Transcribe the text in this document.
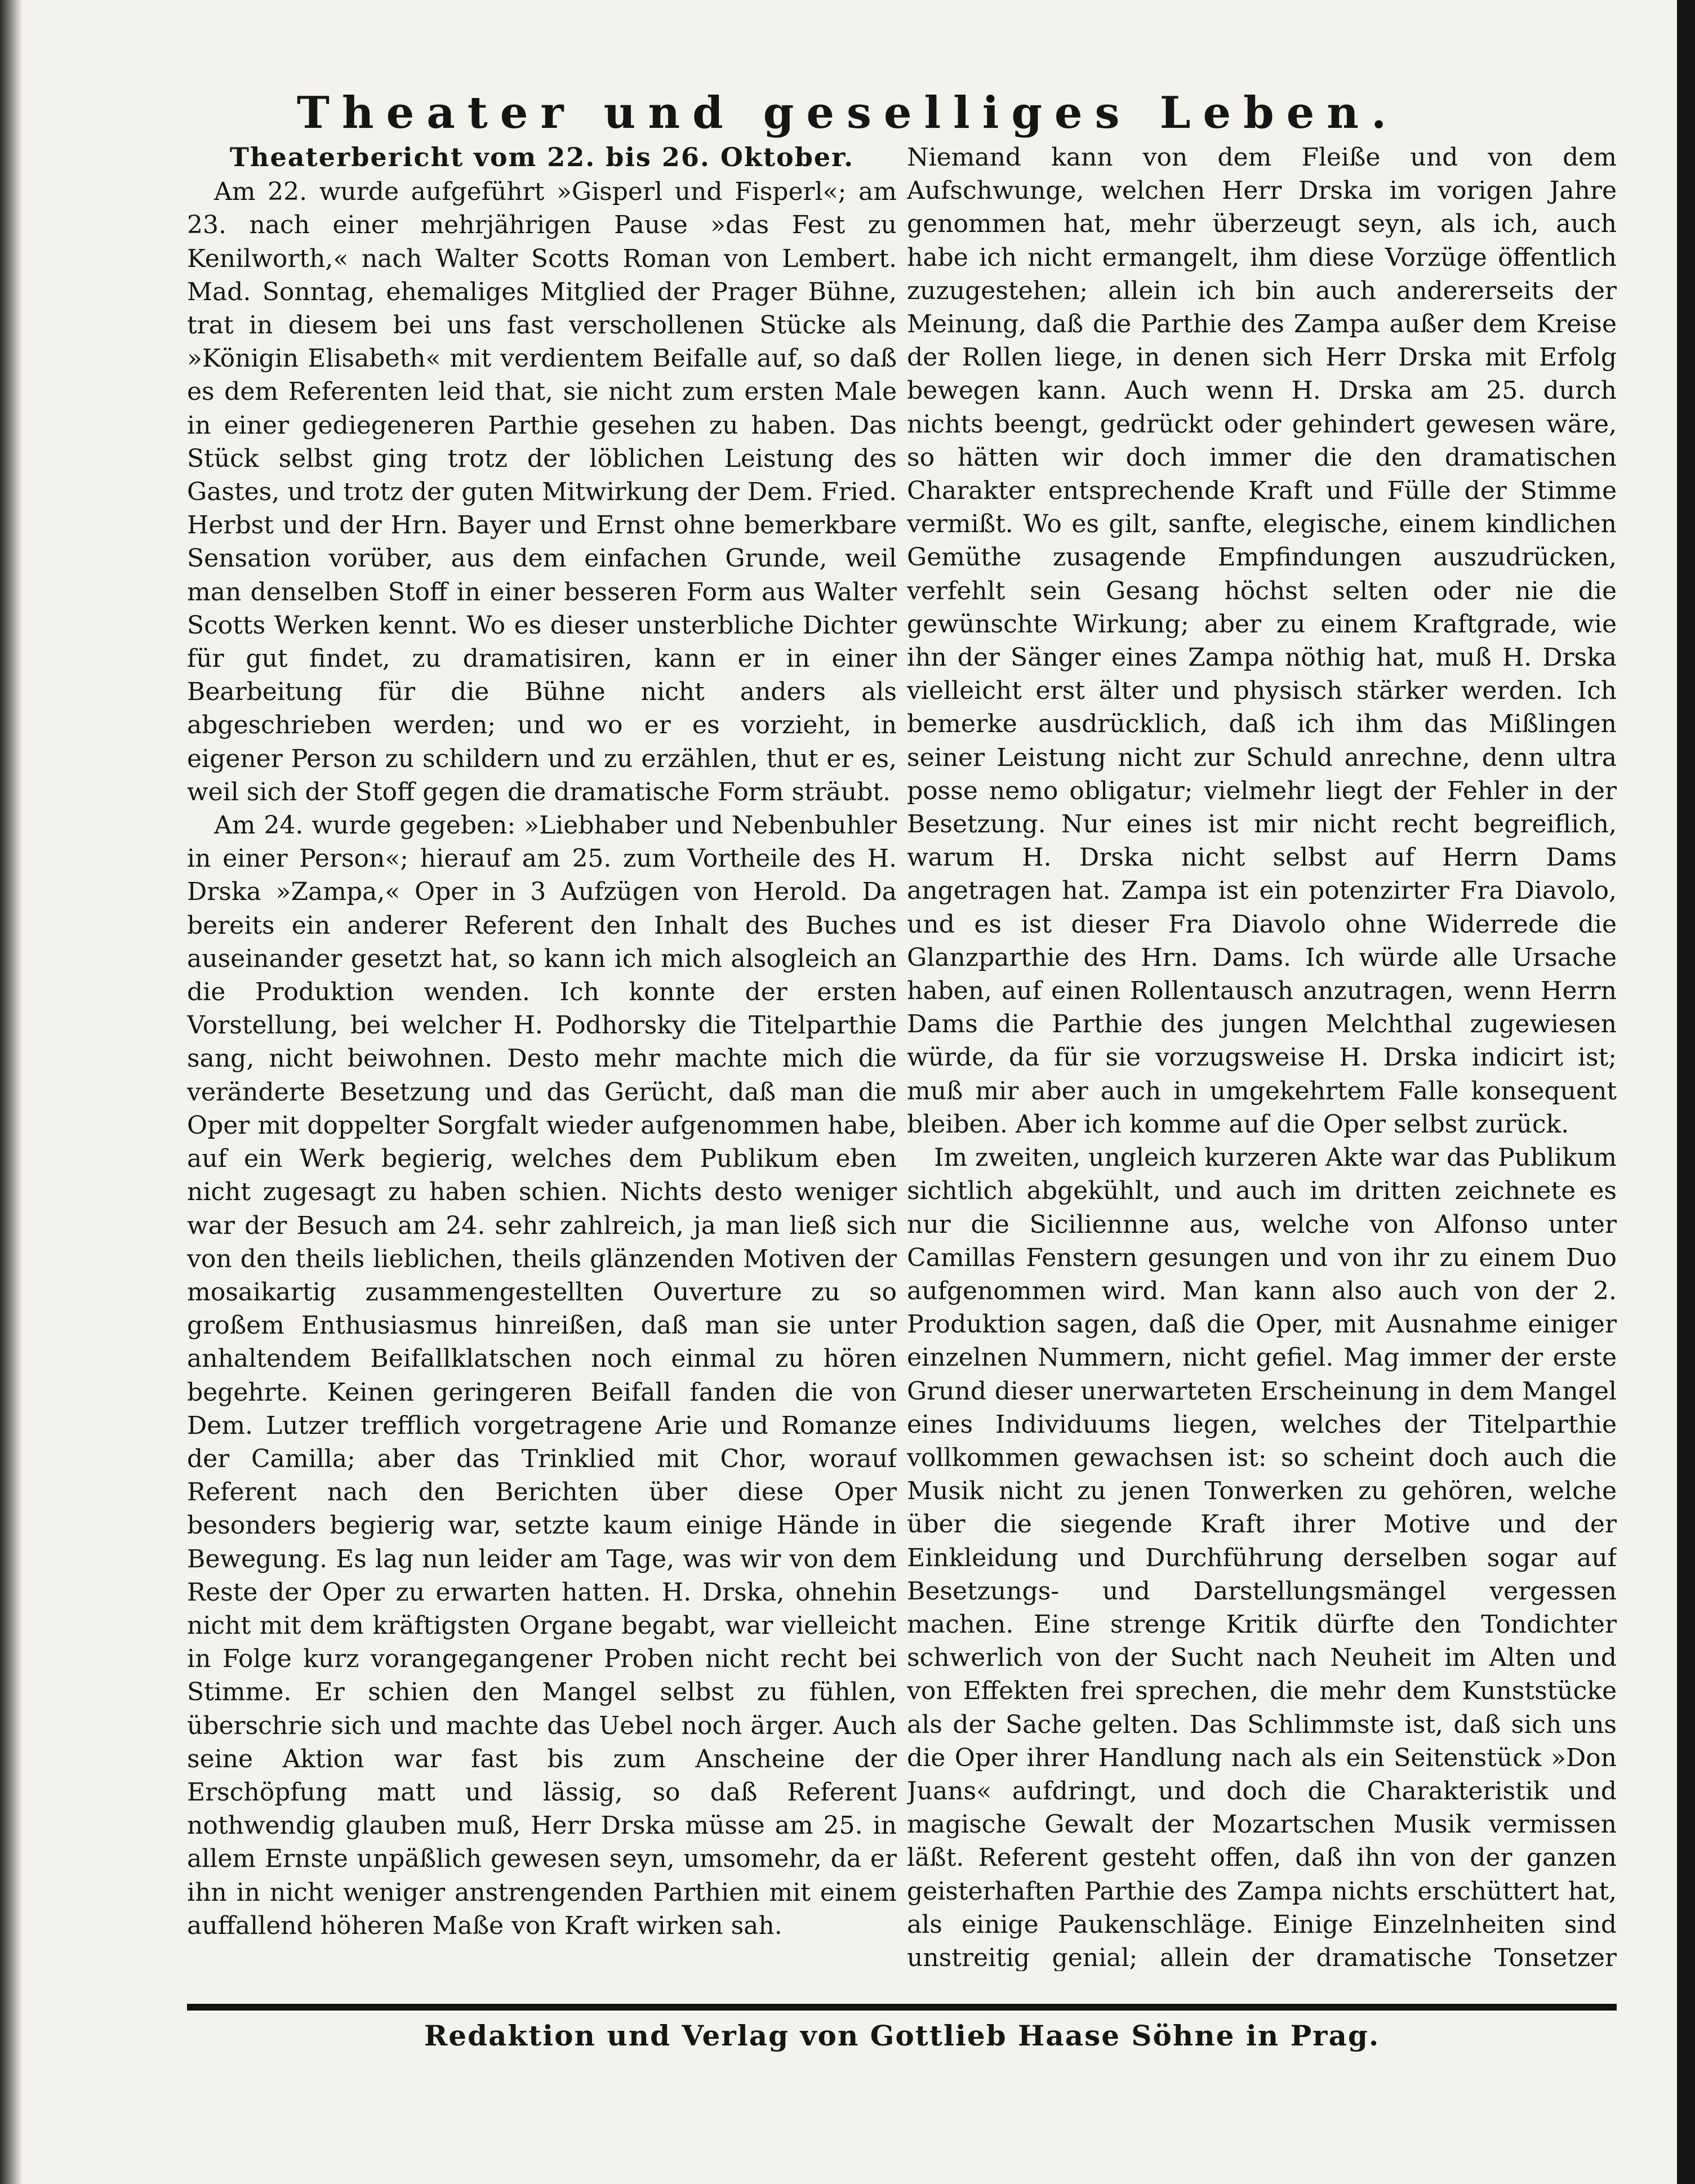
Theater und geselliges Leben.
Theaterbericht vom 22. bis 26. Oktober.

Am 22. wurde aufgeführt »Gisperl und Fisperl«; am 23. nach einer mehrjährigen Pause »das Fest zu Kenilworth,« nach Walter Scotts Roman von Lembert. Mad. Sonntag, ehemaliges Mitglied der Prager Bühne, trat in diesem bei uns fast verschollenen Stücke als »Königin Elisabeth« mit verdientem Beifalle auf, so daß es dem Referenten leid that, sie nicht zum ersten Male in einer gediegeneren Parthie gesehen zu haben. Das Stück selbst ging trotz der löblichen Leistung des Gastes, und trotz der guten Mitwirkung der Dem. Fried. Herbst und der Hrn. Bayer und Ernst ohne bemerkbare Sensation vorüber, aus dem einfachen Grunde, weil man denselben Stoff in einer besseren Form aus Walter Scotts Werken kennt. Wo es dieser unsterbliche Dichter für gut findet, zu dramatisiren, kann er in einer Bearbeitung für die Bühne nicht anders als abgeschrieben werden; und wo er es vorzieht, in eigener Person zu schildern und zu erzählen, thut er es, weil sich der Stoff gegen die dramatische Form sträubt.

Am 24. wurde gegeben: »Liebhaber und Nebenbuhler in einer Person«; hierauf am 25. zum Vortheile des H. Drska »Zampa,« Oper in 3 Aufzügen von Herold. Da bereits ein anderer Referent den Inhalt des Buches auseinander gesetzt hat, so kann ich mich alsogleich an die Produktion wenden. Ich konnte der ersten Vorstellung, bei welcher H. Podhorsky die Titelparthie sang, nicht beiwohnen. Desto mehr machte mich die veränderte Besetzung und das Gerücht, daß man die Oper mit doppelter Sorgfalt wieder aufgenommen habe, auf ein Werk begierig, welches dem Publikum eben nicht zugesagt zu haben schien. Nichts desto weniger war der Besuch am 24. sehr zahlreich, ja man ließ sich von den theils lieblichen, theils glänzenden Motiven der mosaikartig zusammengestellten Ouverture zu so großem Enthusiasmus hinreißen, daß man sie unter anhaltendem Beifallklatschen noch einmal zu hören begehrte. Keinen geringeren Beifall fanden die von Dem. Lutzer trefflich vorgetragene Arie und Romanze der Camilla; aber das Trinklied mit Chor, worauf Referent nach den Berichten über diese Oper besonders begierig war, setzte kaum einige Hände in Bewegung. Es lag nun leider am Tage, was wir von dem Reste der Oper zu erwarten hatten. H. Drska, ohnehin nicht mit dem kräftigsten Organe begabt, war vielleicht in Folge kurz vorangegangener Proben nicht recht bei Stimme. Er schien den Mangel selbst zu fühlen, überschrie sich und machte das Uebel noch ärger. Auch seine Aktion war fast bis zum Anscheine der Erschöpfung matt und lässig, so daß Referent nothwendig glauben muß, Herr Drska müsse am 25. in allem Ernste unpäßlich gewesen seyn, umsomehr, da er ihn in nicht weniger anstrengenden Parthien mit einem auffallend höheren Maße von Kraft wirken sah.

Niemand kann von dem Fleiße und von dem Aufschwunge, welchen Herr Drska im vorigen Jahre genommen hat, mehr überzeugt seyn, als ich, auch habe ich nicht ermangelt, ihm diese Vorzüge öffentlich zuzugestehen; allein ich bin auch andererseits der Meinung, daß die Parthie des Zampa außer dem Kreise der Rollen liege, in denen sich Herr Drska mit Erfolg bewegen kann. Auch wenn H. Drska am 25. durch nichts beengt, gedrückt oder gehindert gewesen wäre, so hätten wir doch immer die den dramatischen Charakter entsprechende Kraft und Fülle der Stimme vermißt. Wo es gilt, sanfte, elegische, einem kindlichen Gemüthe zusagende Empfindungen auszudrücken, verfehlt sein Gesang höchst selten oder nie die gewünschte Wirkung; aber zu einem Kraftgrade, wie ihn der Sänger eines Zampa nöthig hat, muß H. Drska vielleicht erst älter und physisch stärker werden. Ich bemerke ausdrücklich, daß ich ihm das Mißlingen seiner Leistung nicht zur Schuld anrechne, denn ultra posse nemo obligatur; vielmehr liegt der Fehler in der Besetzung. Nur eines ist mir nicht recht begreiflich, warum H. Drska nicht selbst auf Herrn Dams angetragen hat. Zampa ist ein potenzirter Fra Diavolo, und es ist dieser Fra Diavolo ohne Widerrede die Glanzparthie des Hrn. Dams. Ich würde alle Ursache haben, auf einen Rollentausch anzutragen, wenn Herrn Dams die Parthie des jungen Melchthal zugewiesen würde, da für sie vorzugsweise H. Drska indicirt ist; muß mir aber auch in umgekehrtem Falle konsequent bleiben. Aber ich komme auf die Oper selbst zurück.

Im zweiten, ungleich kurzeren Akte war das Publikum sichtlich abgekühlt, und auch im dritten zeichnete es nur die Siciliennne aus, welche von Alfonso unter Camillas Fenstern gesungen und von ihr zu einem Duo aufgenommen wird. Man kann also auch von der 2. Produktion sagen, daß die Oper, mit Ausnahme einiger einzelnen Nummern, nicht gefiel. Mag immer der erste Grund dieser unerwarteten Erscheinung in dem Mangel eines Individuums liegen, welches der Titelparthie vollkommen gewachsen ist: so scheint doch auch die Musik nicht zu jenen Tonwerken zu gehören, welche über die siegende Kraft ihrer Motive und der Einkleidung und Durchführung derselben sogar auf Besetzungs- und Darstellungsmängel vergessen machen. Eine strenge Kritik dürfte den Tondichter schwerlich von der Sucht nach Neuheit im Alten und von Effekten frei sprechen, die mehr dem Kunststücke als der Sache gelten. Das Schlimmste ist, daß sich uns die Oper ihrer Handlung nach als ein Seitenstück »Don Juans« aufdringt, und doch die Charakteristik und magische Gewalt der Mozartschen Musik vermissen läßt. Referent gesteht offen, daß ihn von der ganzen geisterhaften Parthie des Zampa nichts erschüttert hat, als einige Paukenschläge. Einige Einzelnheiten sind unstreitig genial; allein der dramatische Tonsetzer

Redaktion und Verlag von Gottlieb Haase Söhne in Prag.
